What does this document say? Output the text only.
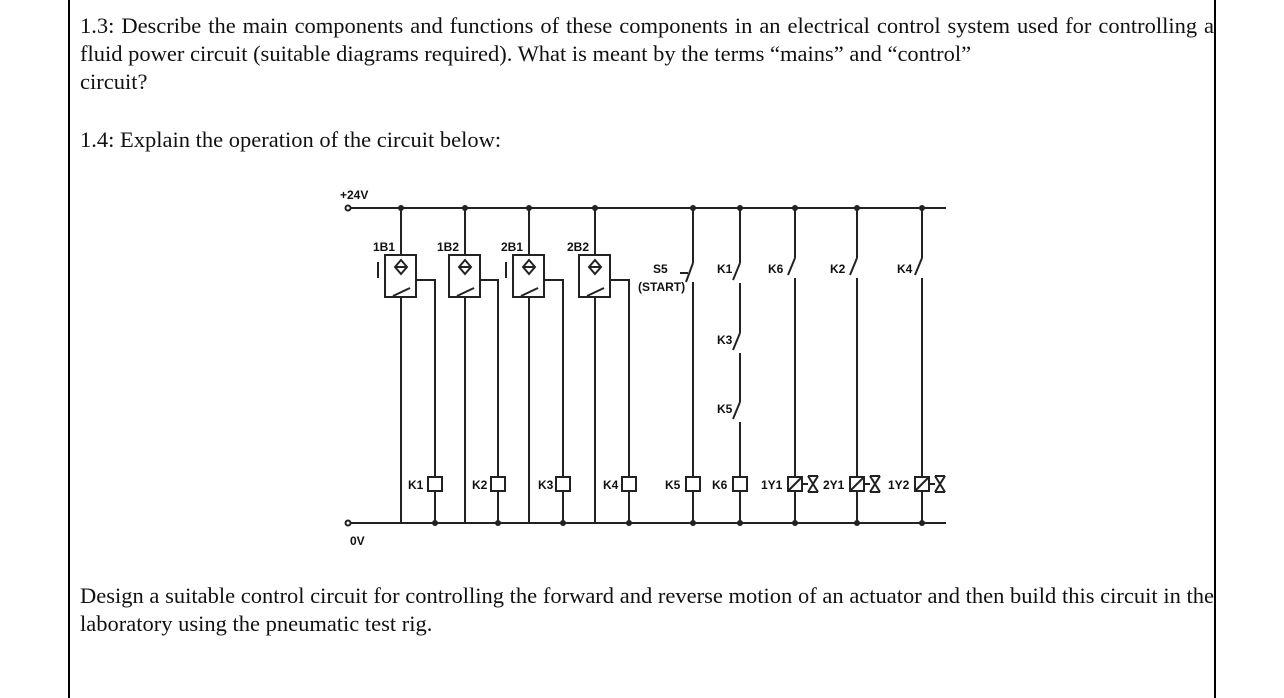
1.3: Describe the main components and functions of these components in an electrical control system used for controlling a fluid power circuit (suitable diagrams required). What is meant by the terms “mains” and “control”
circuit?

1.4: Explain the operation of the circuit below:

+24V
0V
1B1	1B2	2B1	2B2
S5
(START)
K1	K6	K2	K4
K3
K5
K1	K2	K3	K4	K5	K6	1Y1	2Y1	1Y2

Design a suitable control circuit for controlling the forward and reverse motion of an actuator and then build this circuit in the laboratory using the pneumatic test rig.
